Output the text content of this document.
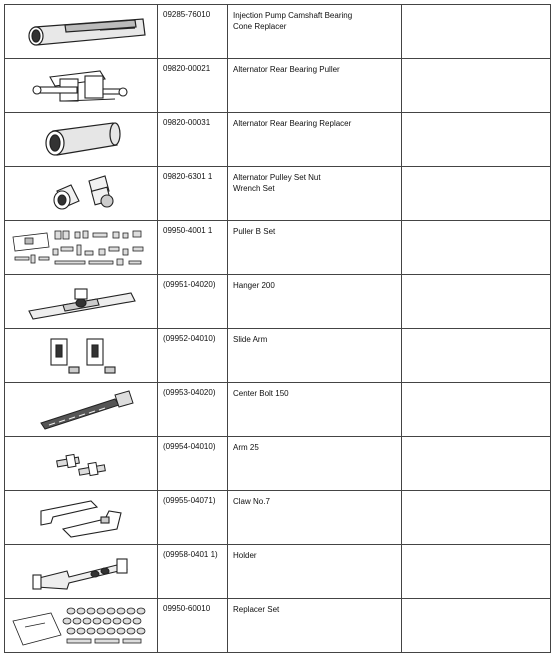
	09285-76010	Injection Pump Camshaft Bearing
Cone Replacer	

	09820-00021	Alternator Rear Bearing Puller	

	09820-00031	Alternator Rear Bearing Replacer	

	09820-6301 1	Alternator Pulley Set Nut
Wrench Set	

	09950-4001 1	Puller B Set	

	(09951-04020)	Hanger 200	

	(09952-04010)	Slide Arm	

	(09953-04020)	Center Bolt 150	

	(09954-04010)	Arm 25	

	(09955-04071)	Claw No.7	

	(09958-0401 1)	Holder	

	09950-60010	Replacer Set	
